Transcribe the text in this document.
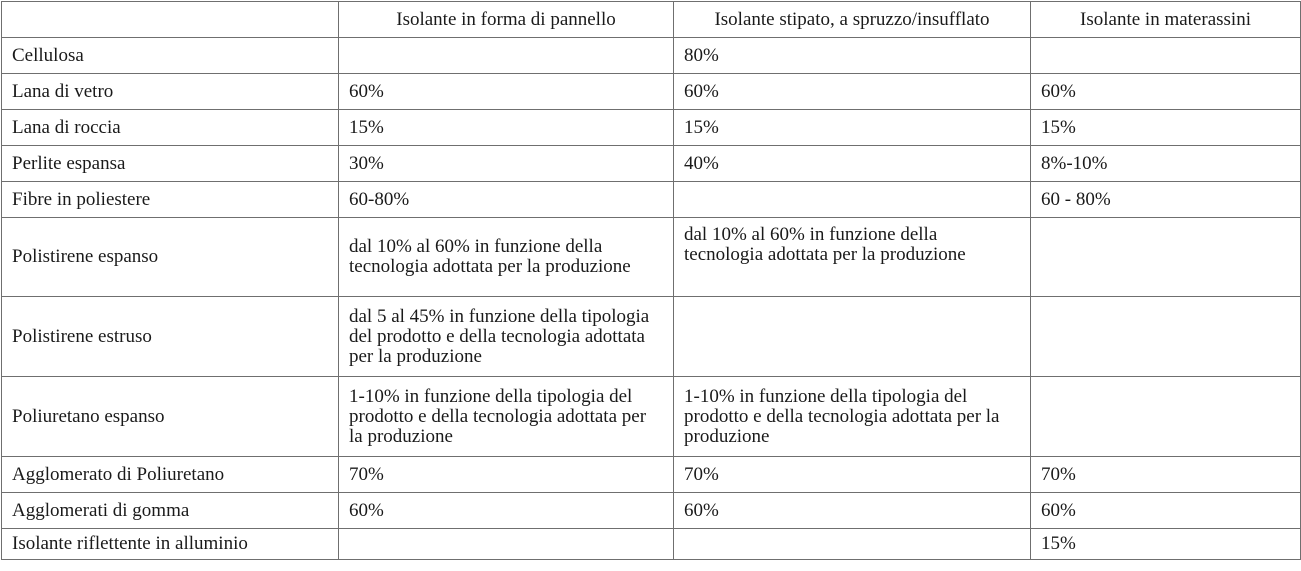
	Isolante in forma di pannello	Isolante stipato, a spruzzo/insufflato	Isolante in materassini
Cellulosa		80%	
Lana di vetro	60%	60%	60%
Lana di roccia	15%	15%	15%
Perlite espansa	30%	40%	8%-10%
Fibre in poliestere	60-80%		60 - 80%
Polistirene espanso	dal 10% al 60% in funzione della tecnologia adottata per la produzione	dal 10% al 60% in funzione della tecnologia adottata per la produzione	
Polistirene estruso	dal 5 al 45% in funzione della tipologia del prodotto e della tecnologia adottata per la produzione		
Poliuretano espanso	1-10% in funzione della tipologia del prodotto e della tecnologia adottata per la produzione	1-10% in funzione della tipologia del prodotto e della tecnologia adottata per la produzione	
Agglomerato di Poliuretano	70%	70%	70%
Agglomerati di gomma	60%	60%	60%
Isolante riflettente in alluminio			15%
